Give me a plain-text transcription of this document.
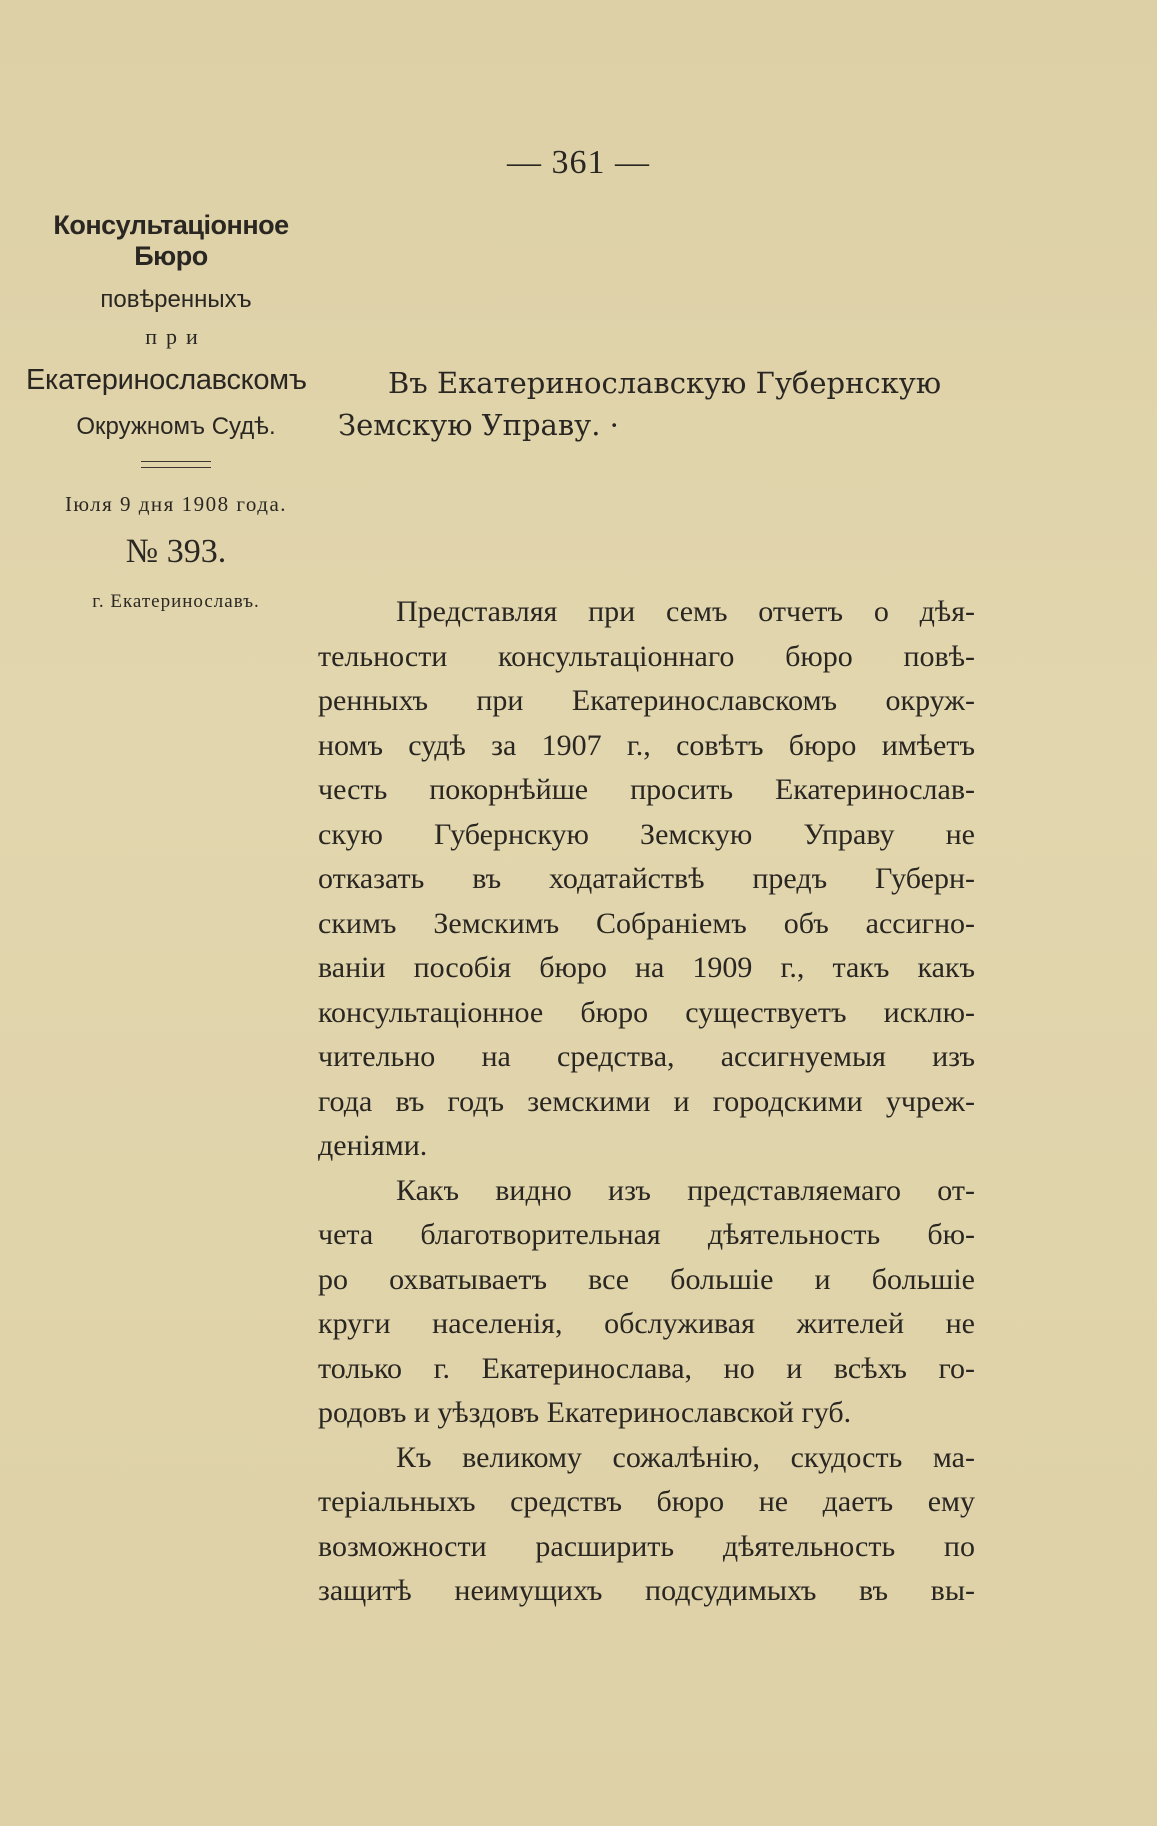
— 361 —
Консультаціонное Бюро
повѣренныхъ
при
Екатеринославскомъ
Окружномъ Судѣ.
Іюля 9 дня 1908 года.
№ 393.
г. Екатеринославъ.
Въ Екатеринославскую Губернскую
Земскую Управу. ·
Представляя при семъ отчетъ о дѣя-
тельности консультаціоннаго бюро повѣ-
ренныхъ при Екатеринославскомъ окруж-
номъ судѣ за 1907 г., совѣтъ бюро имѣетъ
честь покорнѣйше просить Екатеринослав-
скую Губернскую Земскую Управу не
отказать въ ходатайствѣ предъ Губерн-
скимъ Земскимъ Собраніемъ объ ассигно-
ваніи пособія бюро на 1909 г., такъ какъ
консультаціонное бюро существуетъ исклю-
чительно на средства, ассигнуемыя изъ
года въ годъ земскими и городскими учреж-
деніями.
Какъ видно изъ представляемаго от-
чета благотворительная дѣятельность бю-
ро охватываетъ все большіе и большіе
круги населенія, обслуживая жителей не
только г. Екатеринослава, но и всѣхъ го-
родовъ и уѣздовъ Екатеринославской губ.
Къ великому сожалѣнію, скудость ма-
теріальныхъ средствъ бюро не даетъ ему
возможности расширить дѣятельность по
защитѣ неимущихъ подсудимыхъ въ вы-
